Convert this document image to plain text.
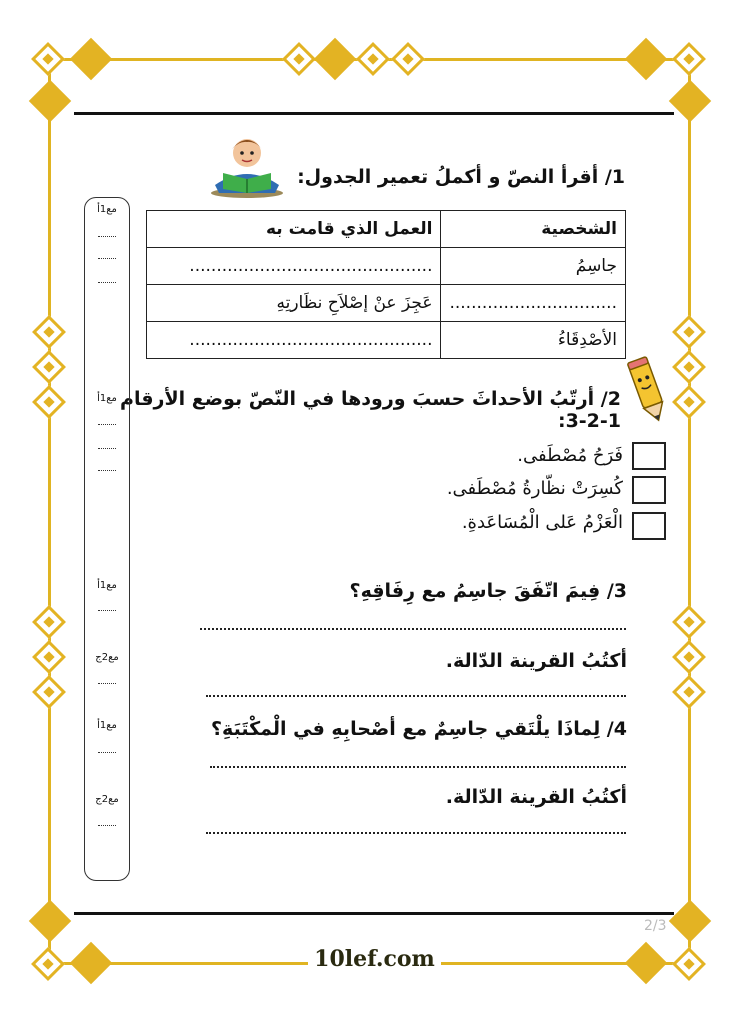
1/ أقرأ النصّ و أكملُ تعمير الجدول:
الشخصية	العمل الذي قامت به
جاسِمُ	.............................................
...............................	عَجِزَ عنْ إصْلاَحِ نظَارتِهِ
الأصْدِقَاءُ	.............................................
2/ أرتّبُ الأحداثَ حسبَ ورودها في النّصّ بوضع الأرقام
3-2-1:
فَرَحُ مُصْطَفى.
كُسِرَتْ نظّارةُ مُصْطَفى.
الْعَزْمُ عَلى الْمُسَاعَدةِ.
3/ فِيمَ اتّفَقَ جاسِمُ مع رِفَاقِهِ؟
أكتُبُ القرينة الدّالة.
4/ لِماذَا يلْتَقي جاسِمٌ مع أصْحابِهِ في الْمكْتَبَةِ؟
أكتُبُ القرينة الدّالة.
مع1أ
مع1أ
مع1أ
مع2ج
مع1أ
مع2ج
2/3
10lef.com
